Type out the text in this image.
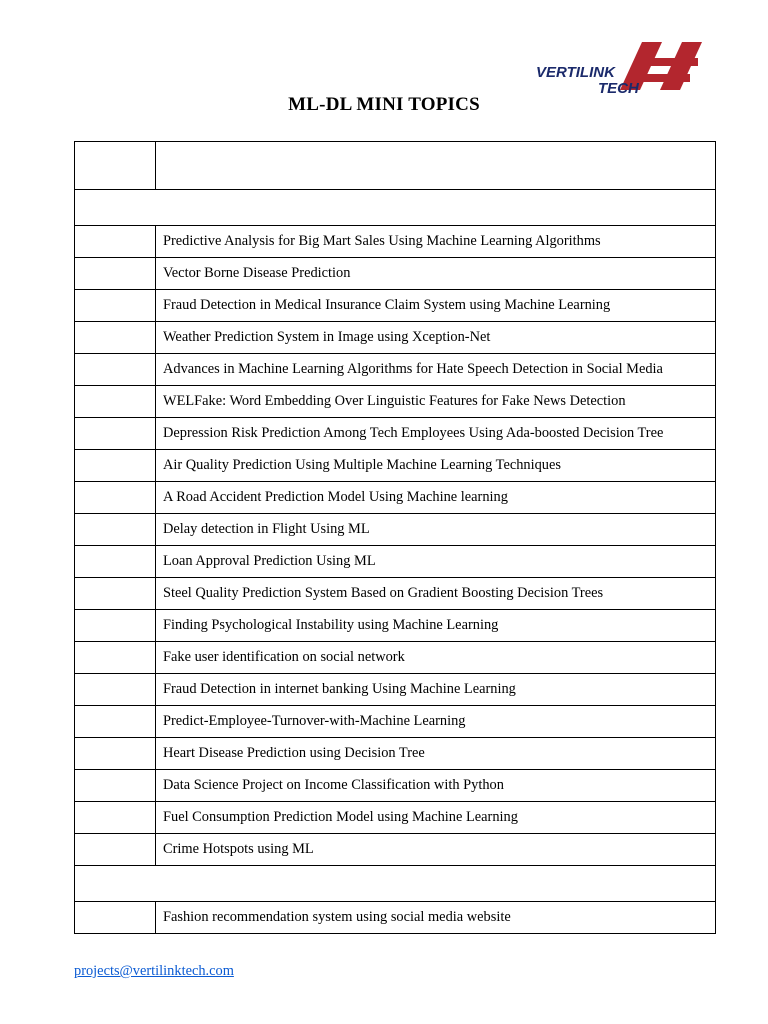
VERTILINK
TECH
ML-DL MINI TOPICS

	Predictive Analysis for Big Mart Sales Using Machine Learning Algorithms
	Vector Borne Disease Prediction
	Fraud Detection in Medical Insurance Claim System using Machine Learning
	Weather Prediction System in Image using Xception-Net
	Advances in Machine Learning Algorithms for Hate Speech Detection in Social Media
	WELFake: Word Embedding Over Linguistic Features for Fake News Detection
	Depression Risk Prediction Among Tech Employees Using Ada-boosted Decision Tree
	Air Quality Prediction Using Multiple Machine Learning Techniques
	A Road Accident Prediction Model Using Machine learning
	Delay detection in Flight Using ML
	Loan Approval Prediction Using ML
	Steel Quality Prediction System Based on Gradient Boosting Decision Trees
	Finding Psychological Instability using Machine Learning
	Fake user identification on social network
	Fraud Detection in internet banking Using Machine Learning
	Predict-Employee-Turnover-with-Machine Learning
	Heart Disease Prediction using Decision Tree
	Data Science Project on Income Classification with Python
	Fuel Consumption Prediction Model using Machine Learning
	Crime Hotspots using ML

	Fashion recommendation system using social media website
projects@vertilinktech.com
